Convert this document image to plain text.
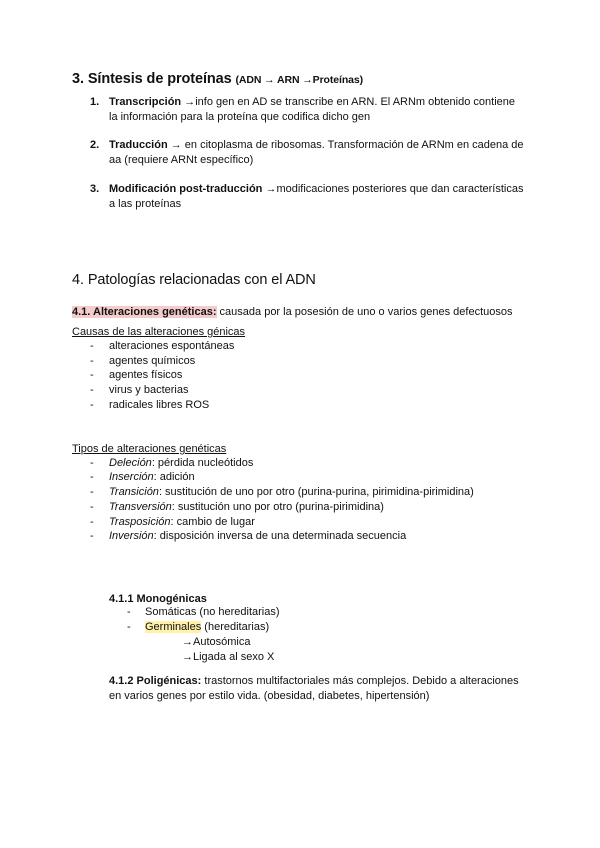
3. Síntesis de proteínas (ADN → ARN →Proteínas)
1. Transcripción →info gen en AD se transcribe en ARN. El ARNm obtenido contiene
la información para la proteína que codifica dicho gen
2. Traducción → en citoplasma de ribosomas. Transformación de ARNm en cadena de
aa (requiere ARNt específico)
3. Modificación post-traducción →modificaciones posteriores que dan características
a las proteínas
4. Patologías relacionadas con el ADN
4.1. Alteraciones genéticas: causada por la posesión de uno o varios genes defectuosos
Causas de las alteraciones génicas
- alteraciones espontáneas
- agentes químicos
- agentes físicos
- virus y bacterias
- radicales libres ROS
Tipos de alteraciones genéticas
- Deleción: pérdida nucleótidos
- Inserción: adición
- Transición: sustitución de uno por otro (purina-purina, pirimidina-pirimidina)
- Transversión: sustitución uno por otro (purina-pirimidina)
- Trasposición: cambio de lugar
- Inversión: disposición inversa de una determinada secuencia
4.1.1 Monogénicas
- Somáticas (no hereditarias)
- Germinales (hereditarias)
→Autosómica
→Ligada al sexo X
4.1.2 Poligénicas: trastornos multifactoriales más complejos. Debido a alteraciones
en varios genes por estilo vida. (obesidad, diabetes, hipertensión)
